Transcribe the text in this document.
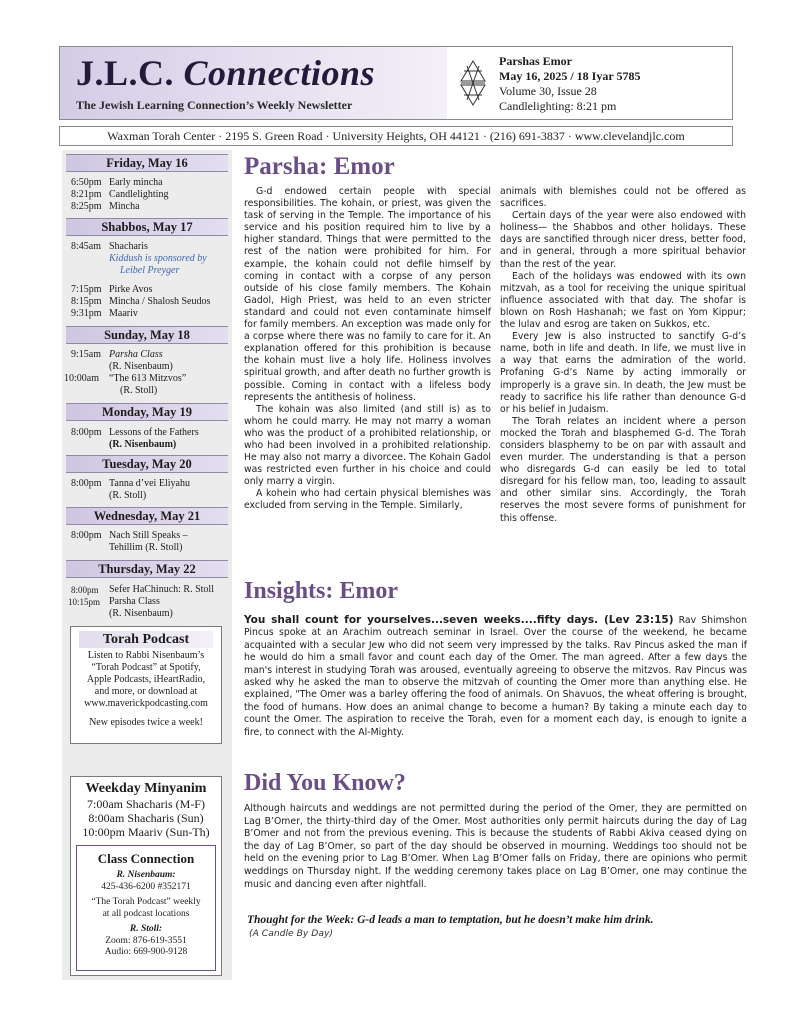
J.L.C. Connections
The Jewish Learning Connection’s Weekly Newsletter
Parshas Emor
May 16, 2025 / 18 Iyar 5785
Volume 30, Issue 28
Candlelighting: 8:21 pm
Waxman Torah Center · 2195 S. Green Road · University Heights, OH 44121 · (216) 691-3837 · www.clevelandjlc.com
Friday, May 16
6:50pm Early mincha
8:21pm Candlelighting
8:25pm Mincha
Shabbos, May 17
8:45am Shacharis
Kiddush is sponsored by
Leibel Preyger
7:15pm Pirke Avos
8:15pm Mincha / Shalosh Seudos
9:31pm Maariv
Sunday, May 18
9:15am Parsha Class
(R. Nisenbaum)
10:00am	“The 613 Mitzvos”
(R. Stoll)
Monday, May 19
8:00pm Lessons of the Fathers
(R. Nisenbaum)
Tuesday, May 20
8:00pm Tanna d’vei Eliyahu
(R. Stoll)
Wednesday, May 21
8:00pm Nach Still Speaks –
Tehillim (R. Stoll)
Thursday, May 22
8:00pm	Sefer HaChinuch: R. Stoll
10:15pm Parsha Class
(R. Nisenbaum)
Torah Podcast
Listen to Rabbi Nisenbaum’s
“Torah Podcast” at Spotify,
Apple Podcasts, iHeartRadio,
and more, or download at
www.maverickpodcasting.com
New episodes twice a week!
Weekday Minyanim
7:00am Shacharis (M-F)
8:00am Shacharis (Sun)
10:00pm Maariv (Sun-Th)
Class Connection
R. Nisenbaum:
425-436-6200 #352171
“The Torah Podcast” weekly
at all podcast locations
R. Stoll:
Zoom: 876-619-3551
Audio: 669-900-9128
Parsha: Emor

G-d endowed certain people with special responsibilities. The kohain, or priest, was given the task of serving in the Temple. The importance of his service and his position required him to live by a higher standard. Things that were permitted to the rest of the nation were prohibited for him. For example, the kohain could not defile himself by coming in contact with a corpse of any person outside of his close family members. The Kohain Gadol, High Priest, was held to an even stricter standard and could not even contaminate himself for family members. An exception was made only for a corpse where there was no family to care for it. An explanation offered for this prohibition is because the kohain must live a holy life. Holiness involves spiritual growth, and after death no further growth is possible. Coming in contact with a lifeless body represents the antithesis of holiness.

The kohain was also limited (and still is) as to whom he could marry. He may not marry a woman who was the product of a prohibited relationship, or who had been involved in a prohibited relationship. He may also not marry a divorcee. The Kohain Gadol was restricted even further in his choice and could only marry a virgin.

A kohein who had certain physical blemishes was excluded from serving in the Temple. Similarly,

animals with blemishes could not be offered as sacrifices.

Certain days of the year were also endowed with holiness— the Shabbos and other holidays. These days are sanctified through nicer dress, better food, and in general, through a more spiritual behavior than the rest of the year.

Each of the holidays was endowed with its own mitzvah, as a tool for receiving the unique spiritual influence associated with that day. The shofar is blown on Rosh Hashanah; we fast on Yom Kippur; the lulav and esrog are taken on Sukkos, etc.

Every Jew is also instructed to sanctify G-d’s name, both in life and death. In life, we must live in a way that earns the admiration of the world. Profaning G-d’s Name by acting immorally or improperly is a grave sin. In death, the Jew must be ready to sacrifice his life rather than denounce G-d or his belief in Judaism.

The Torah relates an incident where a person mocked the Torah and blasphemed G-d. The Torah considers blasphemy to be on par with assault and even murder. The understanding is that a person who disregards G-d can easily be led to total disregard for his fellow man, too, leading to assault and other similar sins. Accordingly, the Torah reserves the most severe forms of punishment for this offense.

Insights: Emor
You shall count for yourselves...seven weeks....fifty days. (Lev 23:15) Rav Shimshon Pincus spoke at an Arachim outreach seminar in Israel. Over the course of the weekend, he became acquainted with a secular Jew who did not seem very impressed by the talks. Rav Pincus asked the man if he would do him a small favor and count each day of the Omer. The man agreed. After a few days the man's interest in studying Torah was aroused, eventually agreeing to observe the mitzvos. Rav Pincus was asked why he asked the man to observe the mitzvah of counting the Omer more than anything else. He explained, "The Omer was a barley offering the food of animals. On Shavuos, the wheat offering is brought, the food of humans. How does an animal change to become a human? By taking a minute each day to count the Omer. The aspiration to receive the Torah, even for a moment each day, is enough to ignite a fire, to connect with the Al-Mighty.
Did You Know?
Although haircuts and weddings are not permitted during the period of the Omer, they are permitted on Lag B’Omer, the thirty-third day of the Omer. Most authorities only permit haircuts during the day of Lag B’Omer and not from the previous evening. This is because the students of Rabbi Akiva ceased dying on the day of Lag B’Omer, so part of the day should be observed in mourning. Weddings too should not be held on the evening prior to Lag B’Omer. When Lag B’Omer falls on Friday, there are opinions who permit weddings on Thursday night. If the wedding ceremony takes place on Lag B’Omer, one may continue the music and dancing even after nightfall.
Thought for the Week: G-d leads a man to temptation, but he doesn’t make him drink.
(A Candle By Day)
